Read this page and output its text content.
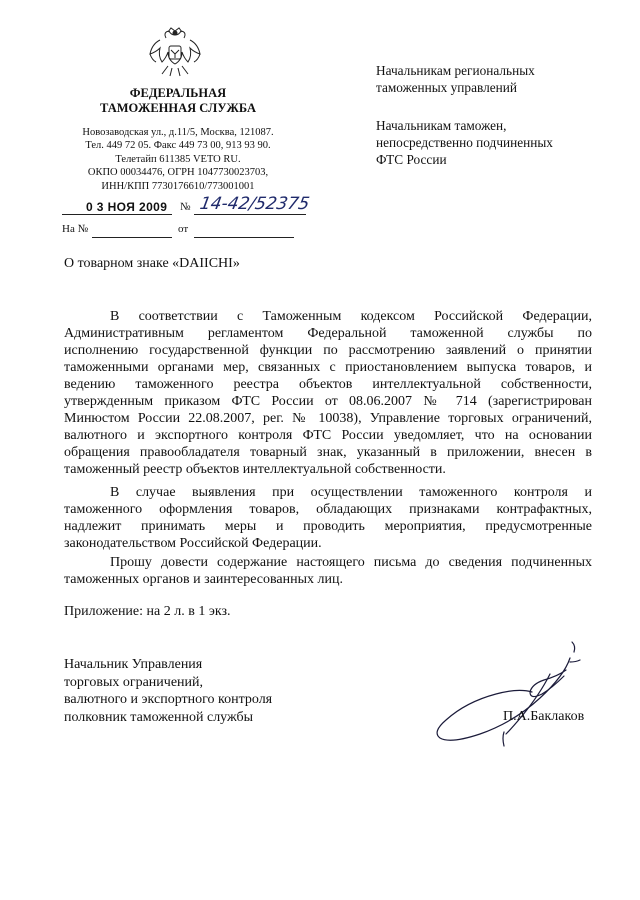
ФЕДЕРАЛЬНАЯ
ТАМОЖЕННАЯ СЛУЖБА
Новозаводская ул., д.11/5, Москва, 121087.
Тел. 449 72 05. Факс 449 73 00, 913 93 90.
Телетайп 611385 VETO RU.
ОКПО 00034476, ОГРН 1047730023703,
ИНН/КПП 7730176610/773001001
0 3 НОЯ 2009 № 14-42/52375
На №	от
Начальникам региональных
таможенных управлений
Начальникам таможен,
непосредственно подчиненных
ФТС России
О товарном знаке «DAIICHI»
В соответствии с Таможенным кодексом Российской Федерации,
Административным регламентом Федеральной таможенной службы по
исполнению государственной функции по рассмотрению заявлений о принятии
таможенными органами мер, связанных с приостановлением выпуска товаров, и
ведению таможенного реестра объектов интеллектуальной собственности,
утвержденным приказом ФТС России от 08.06.2007 № 714 (зарегистрирован
Минюстом России 22.08.2007, рег. № 10038), Управление торговых ограничений,
валютного и экспортного контроля ФТС России уведомляет, что на основании
обращения правообладателя товарный знак, указанный в приложении, внесен в
таможенный реестр объектов интеллектуальной собственности.
В случае выявления при осуществлении таможенного контроля и
таможенного оформления товаров, обладающих признаками контрафактных,
надлежит принимать меры и проводить мероприятия, предусмотренные
законодательством Российской Федерации.
Прошу довести содержание настоящего письма до сведения подчиненных
таможенных органов и заинтересованных лиц.
Приложение: на 2 л. в 1 экз.
Начальник Управления
торговых ограничений,
валютного и экспортного контроля
полковник таможенной службы	П.А.Баклаков
